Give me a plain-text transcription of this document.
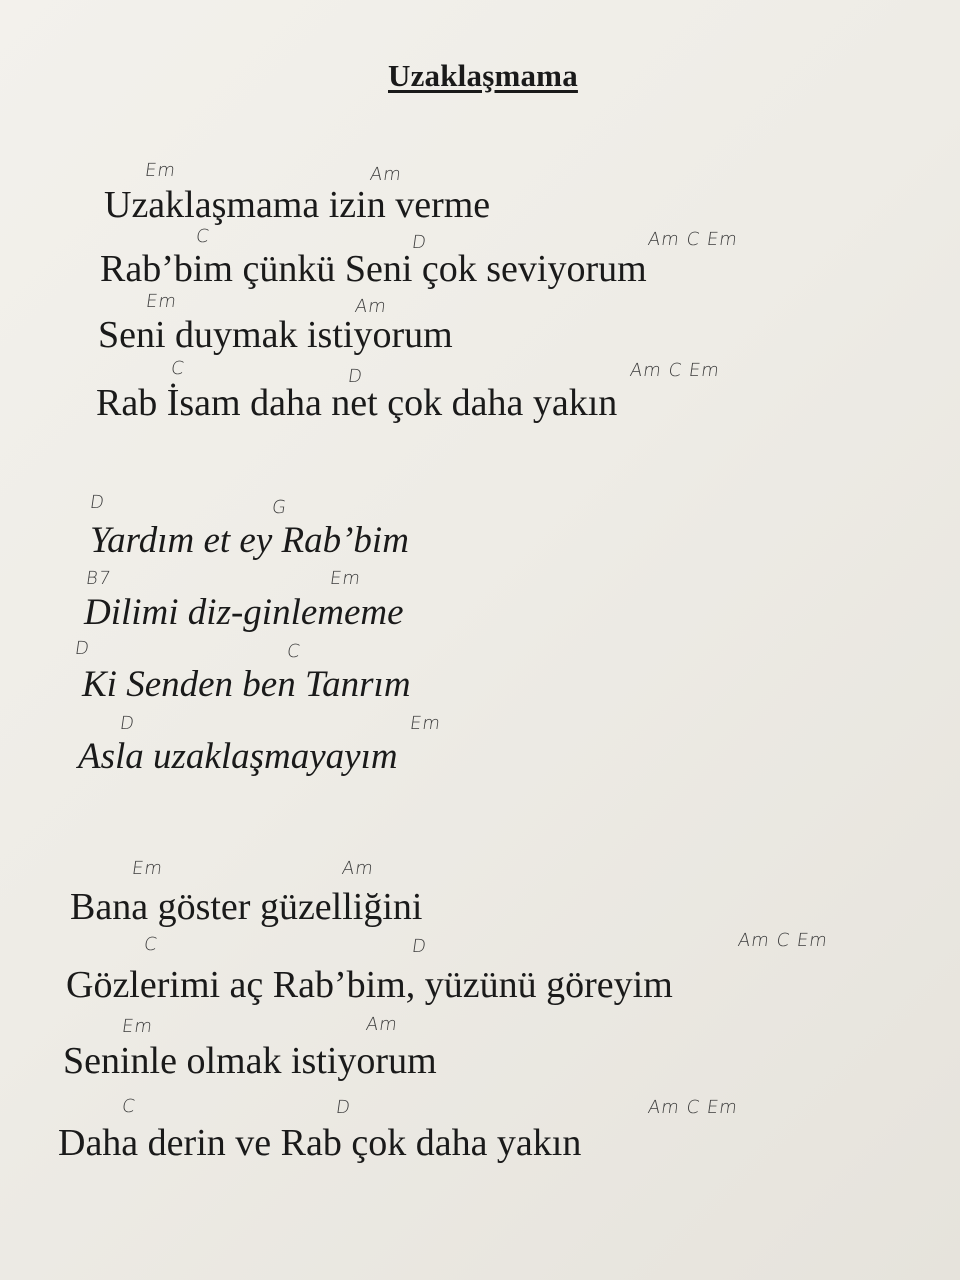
Uzaklaşmama
Em	Am
Uzaklaşmama izin verme
C	D	Am C Em
Rab’bim çünkü Seni çok seviyorum
Em	Am
Seni duymak istiyorum
C	D	Am C Em
Rab İsam daha net çok daha yakın
D	G
Yardım et ey Rab’bim
B7	Em
Dilimi diz-ginlememe
D	C
Ki Senden ben Tanrım
D	Em
Asla uzaklaşmayayım
Em	Am
Bana göster güzelliğini
C	D	Am C Em
Gözlerimi aç Rab’bim, yüzünü göreyim
Em	Am
Seninle olmak istiyorum
C	D	Am C Em
Daha derin ve Rab çok daha yakın
